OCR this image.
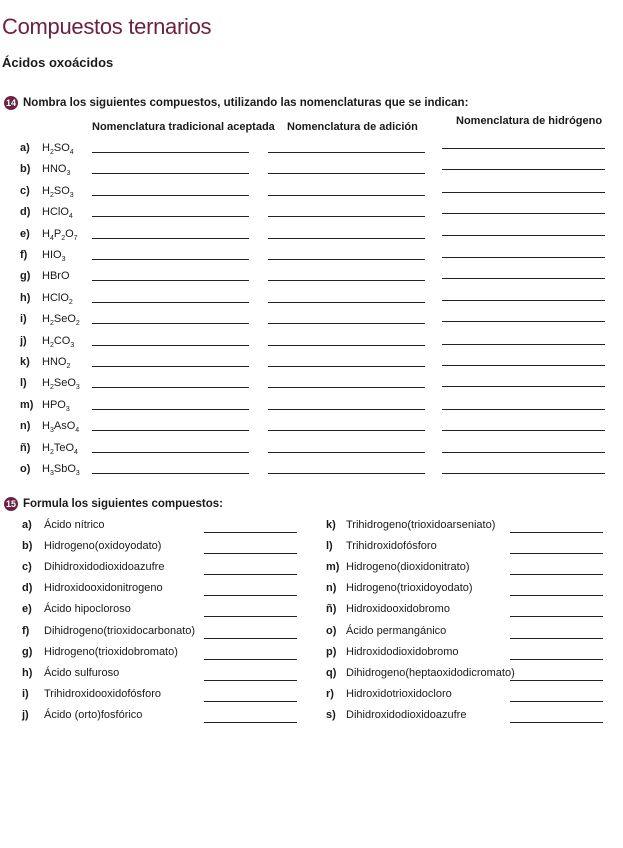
Compuestos ternarios
Ácidos oxoácidos
14 Nombra los siguientes compuestos, utilizando las nomenclaturas que se indican:
Nomenclatura tradicional aceptada Nomenclatura de adición	Nomenclatura de hidrógeno
a) $H_2SO_4$
b) $HNO_3$
c) $H_2SO_3$
d) HClO$_4$
e) $H_4P_2O_7$
f) $HIO_3$
g) HBrO
h) HClO$_2$
i) $H_2SeO_2$
j) $H_2CO_3$
k) $HNO_2$
l) $H_2SeO_3$
m) $HPO_3$
n) $H_3AsO_4$
ñ) $H_2TeO_4$
o) $H_3SbO_3$
15 Formula los siguientes compuestos:
a) Ácido nítrico
b) Hidrogeno(oxidoyodato)
c) Dihidroxidodioxidoazufre
d) Hidroxidooxidonitrogeno
e) Ácido hipocloroso
f) Dihidrogeno(trioxidocarbonato)
g) Hidrogeno(trioxidobromato)
h) Ácido sulfuroso
i) Trihidroxidooxidofósforo
j) Ácido (orto)fosfórico
k) Trihidrogeno(trioxidoarseniato)
l) Trihidroxidofósforo
m) Hidrogeno(dioxidonitrato)
n) Hidrogeno(trioxidoyodato)
ñ) Hidroxidooxidobromo
o) Ácido permangánico
p) Hidroxidodioxidobromo
q) Dihidrogeno(heptaoxidodicromato)
r) Hidroxidotrioxidocloro
s) Dihidroxidodioxidoazufre
